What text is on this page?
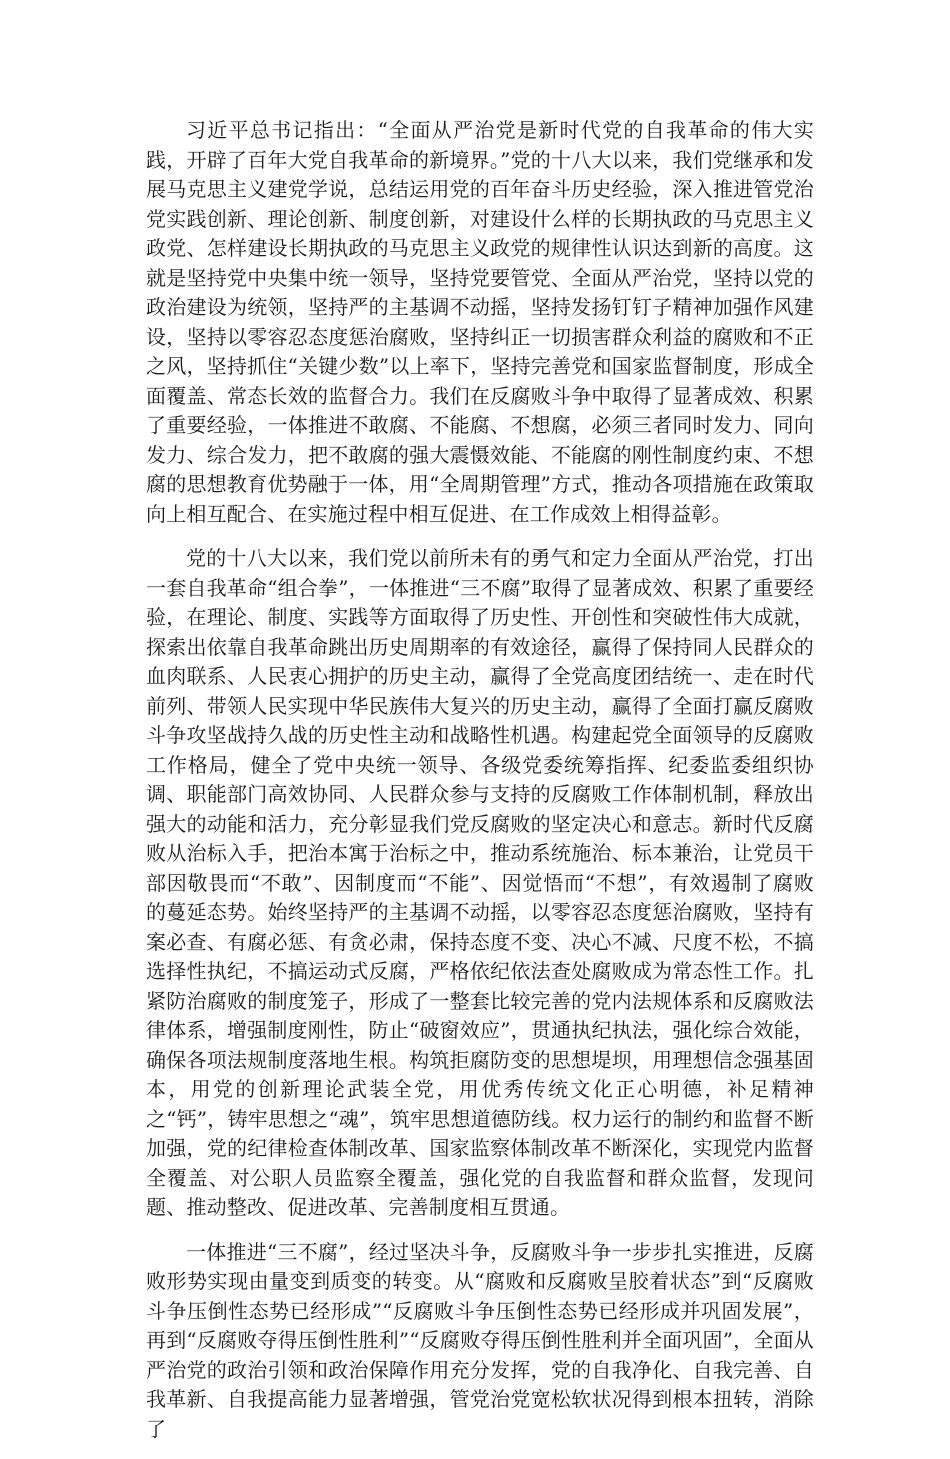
习近平总书记指出：“全面从严治党是新时代党的自我革命的伟大实践，开辟了百年大党自我革命的新境界。”党的十八大以来，我们党继承和发展马克思主义建党学说，总结运用党的百年奋斗历史经验，深入推进管党治党实践创新、理论创新、制度创新，对建设什么样的长期执政的马克思主义政党、怎样建设长期执政的马克思主义政党的规律性认识达到新的高度。这就是坚持党中央集中统一领导，坚持党要管党、全面从严治党，坚持以党的政治建设为统领，坚持严的主基调不动摇，坚持发扬钉钉子精神加强作风建设，坚持以零容忍态度惩治腐败，坚持纠正一切损害群众利益的腐败和不正之风，坚持抓住“关键少数”以上率下，坚持完善党和国家监督制度，形成全面覆盖、常态长效的监督合力。我们在反腐败斗争中取得了显著成效、积累了重要经验，一体推进不敢腐、不能腐、不想腐，必须三者同时发力、同向发力、综合发力，把不敢腐的强大震慑效能、不能腐的刚性制度约束、不想腐的思想教育优势融于一体，用“全周期管理”方式，推动各项措施在政策取向上相互配合、在实施过程中相互促进、在工作成效上相得益彰。

党的十八大以来，我们党以前所未有的勇气和定力全面从严治党，打出一套自我革命“组合拳”，一体推进“三不腐”取得了显著成效、积累了重要经验，在理论、制度、实践等方面取得了历史性、开创性和突破性伟大成就，探索出依靠自我革命跳出历史周期率的有效途径，赢得了保持同人民群众的血肉联系、人民衷心拥护的历史主动，赢得了全党高度团结统一、走在时代前列、带领人民实现中华民族伟大复兴的历史主动，赢得了全面打赢反腐败斗争攻坚战持久战的历史性主动和战略性机遇。构建起党全面领导的反腐败工作格局，健全了党中央统一领导、各级党委统筹指挥、纪委监委组织协调、职能部门高效协同、人民群众参与支持的反腐败工作体制机制，释放出强大的动能和活力，充分彰显我们党反腐败的坚定决心和意志。新时代反腐败从治标入手，把治本寓于治标之中，推动系统施治、标本兼治，让党员干部因敬畏而“不敢”、因制度而“不能”、因觉悟而“不想”，有效遏制了腐败的蔓延态势。始终坚持严的主基调不动摇，以零容忍态度惩治腐败，坚持有案必查、有腐必惩、有贪必肃，保持态度不变、决心不减、尺度不松，不搞选择性执纪，不搞运动式反腐，严格依纪依法查处腐败成为常态性工作。扎紧防治腐败的制度笼子，形成了一整套比较完善的党内法规体系和反腐败法律体系，增强制度刚性，防止“破窗效应”，贯通执纪执法，强化综合效能，确保各项法规制度落地生根。构筑拒腐防变的思想堤坝，用理想信念强基固本，用党的创新理论武装全党，用优秀传统文化正心明德，补足精神之“钙”，铸牢思想之“魂”，筑牢思想道德防线。权力运行的制约和监督不断加强，党的纪律检查体制改革、国家监察体制改革不断深化，实现党内监督全覆盖、对公职人员监察全覆盖，强化党的自我监督和群众监督，发现问题、推动整改、促进改革、完善制度相互贯通。

一体推进“三不腐”，经过坚决斗争，反腐败斗争一步步扎实推进，反腐败形势实现由量变到质变的转变。从“腐败和反腐败呈胶着状态”到“反腐败斗争压倒性态势已经形成”“反腐败斗争压倒性态势已经形成并巩固发展”，再到“反腐败夺得压倒性胜利”“反腐败夺得压倒性胜利并全面巩固”，全面从严治党的政治引领和政治保障作用充分发挥，党的自我净化、自我完善、自我革新、自我提高能力显著增强，管党治党宽松软状况得到根本扭转，消除了
